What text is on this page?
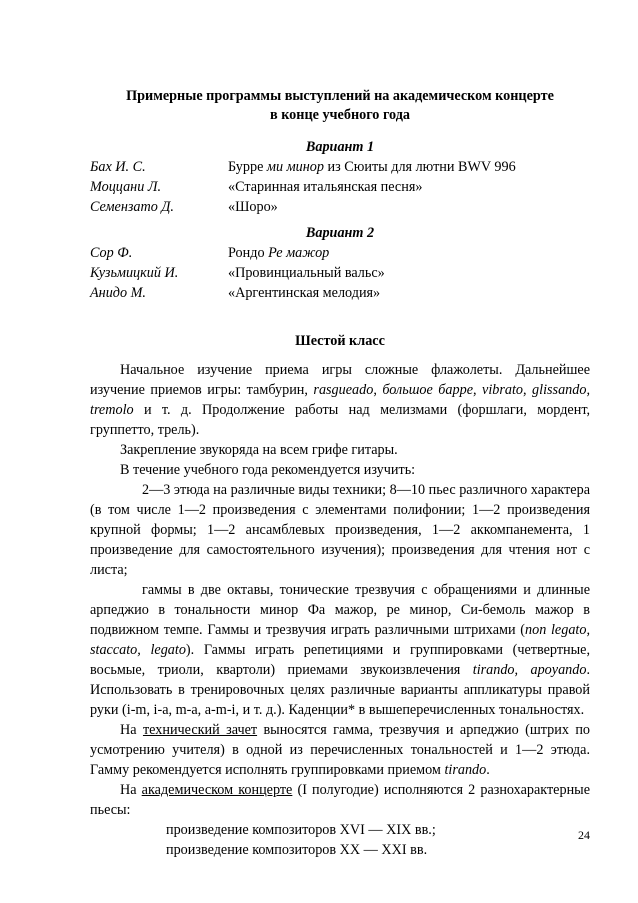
Примерные программы выступлений на академическом концерте
в конце учебного года
Вариант 1
Бах И. С.	Бурре ми минор из Сюиты для лютни BWV 996
Моццани Л.	«Старинная итальянская песня»
Семензато Д.	«Шоро»
Вариант 2
Сор Ф.	Рондо Ре мажор
Кузьмицкий И.	«Провинциальный вальс»
Анидо М.	«Аргентинская мелодия»
Шестой класс

Начальное изучение приема игры сложные флажолеты. Дальнейшее изучение приемов игры: тамбурин, rasgueado, большое барре, vibrato, glissando, tremolo и т. д. Продолжение работы над мелизмами (форшлаги, мордент, группетто, трель).

Закрепление звукоряда на всем грифе гитары.

В течение учебного года рекомендуется изучить:

2—3 этюда на различные виды техники; 8—10 пьес различного характера (в том числе 1—2 произведения с элементами полифонии; 1—2 произведения крупной формы; 1—2 ансамблевых произведения, 1—2 аккомпанемента, 1 произведение для самостоятельного изучения); произведения для чтения нот с листа;

гаммы в две октавы, тонические трезвучия с обращениями и длинные арпеджио в тональности минор Фа мажор, ре минор, Си-бемоль мажор в подвижном темпе. Гаммы и трезвучия играть различными штрихами (non legato, staccato, legato). Гаммы играть репетициями и группировками (четвертные, восьмые, триоли, квартоли) приемами звукоизвлечения tirando, apoyando. Использовать в тренировочных целях различные варианты аппликатуры правой руки (i-m, i-a, m-a, a-m-i, и т. д.). Каденции* в вышеперечисленных тональностях.

На технический зачет выносятся гамма, трезвучия и арпеджио (штрих по усмотрению учителя) в одной из перечисленных тональностей и 1—2 этюда. Гамму рекомендуется исполнять группировками приемом tirando.

На академическом концерте (I полугодие) исполняются 2 разнохарактерные пьесы:

произведение композиторов XVI — XIX вв.;

произведение композиторов XX — XXI вв.

24
